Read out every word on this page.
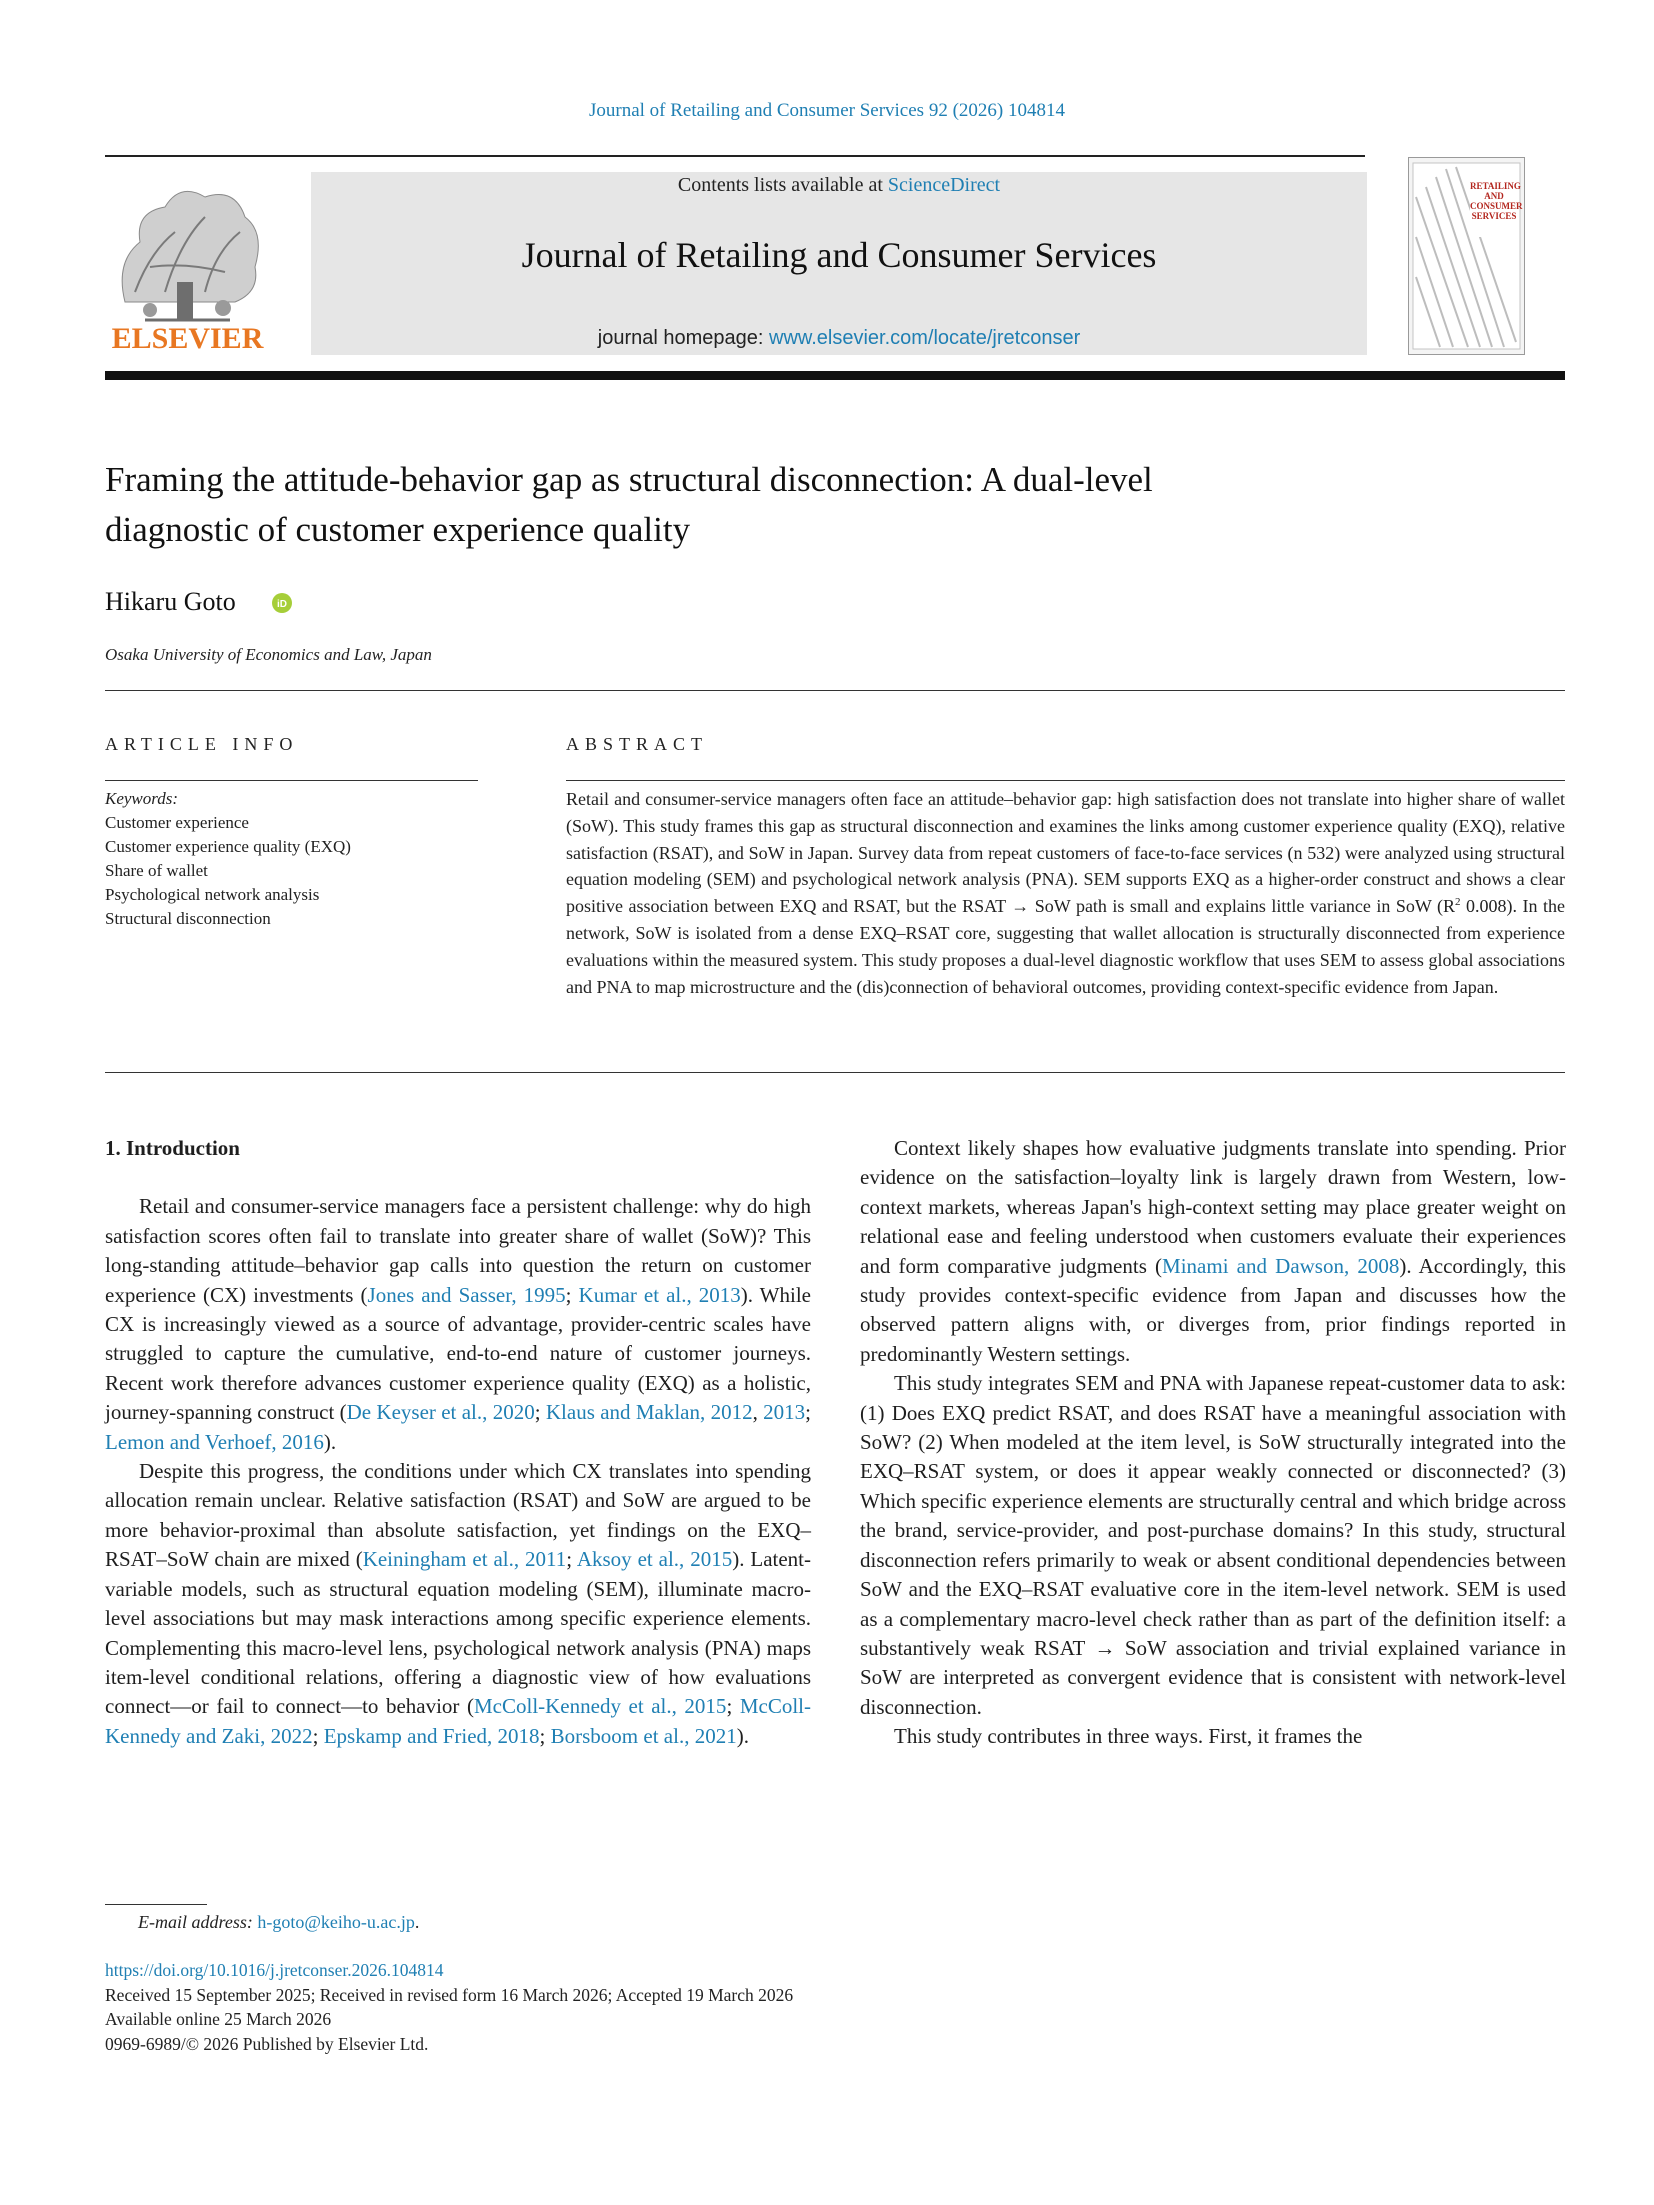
Journal of Retailing and Consumer Services 92 (2026) 104814
ELSEVIER
Contents lists available at ScienceDirect
Journal of Retailing and Consumer Services
journal homepage: www.elsevier.com/locate/jretconser
RETAILING AND CONSUMER SERVICES
Framing the attitude-behavior gap as structural disconnection: A dual-level
diagnostic of customer experience quality
Hikaru Goto	iD
Osaka University of Economics and Law, Japan
ARTICLE INFO	ABSTRACT
Keywords:
Customer experience
Customer experience quality (EXQ)
Share of wallet
Psychological network analysis
Structural disconnection
Retail and consumer-service managers often face an attitude–behavior gap: high satisfaction does not translate into higher share of wallet (SoW). This study frames this gap as structural disconnection and examines the links among customer experience quality (EXQ), relative satisfaction (RSAT), and SoW in Japan. Survey data from repeat customers of face-to-face services (n 532) were analyzed using structural equation modeling (SEM) and psychological network analysis (PNA). SEM supports EXQ as a higher-order construct and shows a clear positive association between EXQ and RSAT, but the RSAT → SoW path is small and explains little variance in SoW ($R^2$ 0.008). In the network, SoW is isolated from a dense EXQ–RSAT core, suggesting that wallet allocation is structurally disconnected from experience evaluations within the measured system. This study proposes a dual-level diagnostic workflow that uses SEM to assess global associations and PNA to map microstructure and the (dis)connection of behavioral outcomes, providing context-specific evidence from Japan.

1. Introduction

Retail and consumer-service managers face a persistent challenge: why do high satisfaction scores often fail to translate into greater share of wallet (SoW)? This long-standing attitude–behavior gap calls into question the return on customer experience (CX) investments (Jones and Sasser, 1995; Kumar et al., 2013). While CX is increasingly viewed as a source of advantage, provider-centric scales have struggled to capture the cumulative, end-to-end nature of customer journeys. Recent work therefore advances customer experience quality (EXQ) as a holistic, journey-spanning construct (De Keyser et al., 2020; Klaus and Maklan, 2012, 2013; Lemon and Verhoef, 2016).

Despite this progress, the conditions under which CX translates into spending allocation remain unclear. Relative satisfaction (RSAT) and SoW are argued to be more behavior-proximal than absolute satisfaction, yet findings on the EXQ–RSAT–SoW chain are mixed (Keiningham et al., 2011; Aksoy et al., 2015). Latent-variable models, such as structural equation modeling (SEM), illuminate macro-level associations but may mask interactions among specific experience elements. Complementing this macro-level lens, psychological network analysis (PNA) maps item-level conditional relations, offering a diagnostic view of how evaluations connect—or fail to connect—to behavior (McColl-Kennedy et al., 2015; McColl-Kennedy and Zaki, 2022; Epskamp and Fried, 2018; Borsboom et al., 2021).

Context likely shapes how evaluative judgments translate into spending. Prior evidence on the satisfaction–loyalty link is largely drawn from Western, low-context markets, whereas Japan's high-context setting may place greater weight on relational ease and feeling understood when customers evaluate their experiences and form comparative judgments (Minami and Dawson, 2008). Accordingly, this study provides context-specific evidence from Japan and discusses how the observed pattern aligns with, or diverges from, prior findings reported in predominantly Western settings.

This study integrates SEM and PNA with Japanese repeat-customer data to ask: (1) Does EXQ predict RSAT, and does RSAT have a meaningful association with SoW? (2) When modeled at the item level, is SoW structurally integrated into the EXQ–RSAT system, or does it appear weakly connected or disconnected? (3) Which specific experience elements are structurally central and which bridge across the brand, service-provider, and post-purchase domains? In this study, structural disconnection refers primarily to weak or absent conditional dependencies between SoW and the EXQ–RSAT evaluative core in the item-level network. SEM is used as a complementary macro-level check rather than as part of the definition itself: a substantively weak RSAT → SoW association and trivial explained variance in SoW are interpreted as convergent evidence that is consistent with network-level disconnection.

This study contributes in three ways. First, it frames the

E-mail address: h-goto@keiho-u.ac.jp.
https://doi.org/10.1016/j.jretconser.2026.104814
Received 15 September 2025; Received in revised form 16 March 2026; Accepted 19 March 2026
Available online 25 March 2026
0969-6989/© 2026 Published by Elsevier Ltd.
